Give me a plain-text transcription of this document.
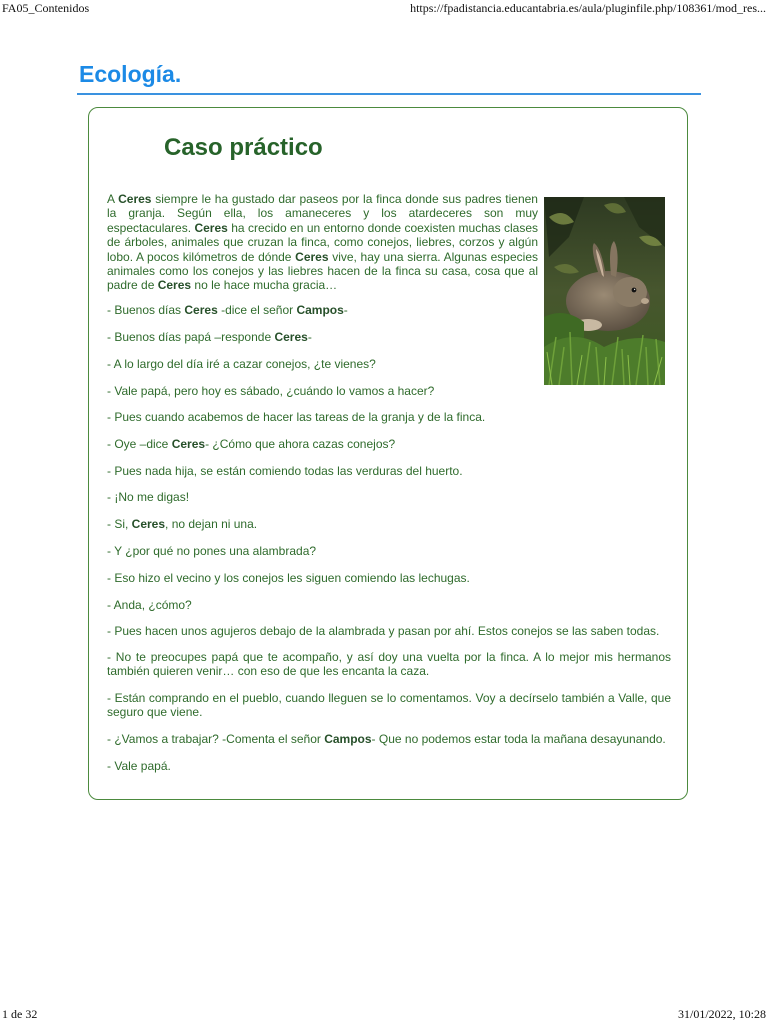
FA05_Contenidos	https://fpadistancia.educantabria.es/aula/pluginfile.php/108361/mod_res...
Ecología.
Caso práctico

A Ceres siempre le ha gustado dar paseos por la finca donde sus padres tienen la granja. Según ella, los amaneceres y los atardeceres son muy espectaculares. Ceres ha crecido en un entorno donde coexisten muchas clases de árboles, animales que cruzan la finca, como conejos, liebres, corzos y algún lobo. A pocos kilómetros de dónde Ceres vive, hay una sierra. Algunas especies animales como los conejos y las liebres hacen de la finca su casa, cosa que al padre de Ceres no le hace mucha gracia…

- Buenos días Ceres -dice el señor Campos-

- Buenos días papá –responde Ceres-

- A lo largo del día iré a cazar conejos, ¿te vienes?

- Vale papá, pero hoy es sábado, ¿cuándo lo vamos a hacer?

- Pues cuando acabemos de hacer las tareas de la granja y de la finca.

- Oye –dice Ceres- ¿Cómo que ahora cazas conejos?

- Pues nada hija, se están comiendo todas las verduras del huerto.

- ¡No me digas!

- Si, Ceres, no dejan ni una.

- Y ¿por qué no pones una alambrada?

- Eso hizo el vecino y los conejos les siguen comiendo las lechugas.

- Anda, ¿cómo?

- Pues hacen unos agujeros debajo de la alambrada y pasan por ahí. Estos conejos se las saben todas.

- No te preocupes papá que te acompaño, y así doy una vuelta por la finca. A lo mejor mis hermanos también quieren venir… con eso de que les encanta la caza.

- Están comprando en el pueblo, cuando lleguen se lo comentamos. Voy a decírselo también a Valle, que seguro que viene.

- ¿Vamos a trabajar? -Comenta el señor Campos- Que no podemos estar toda la mañana desayunando.

- Vale papá.

1 de 32	31/01/2022, 10:28
